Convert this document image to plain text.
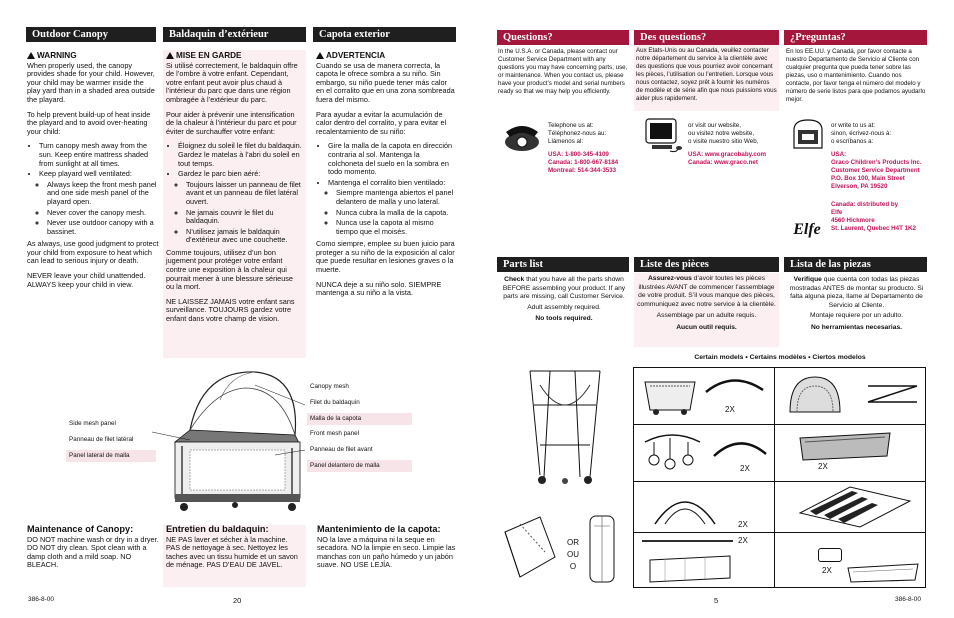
Outdoor Canopy	Baldaquin d’extérieur	Capota exterior
WARNING

When properly used, the canopy provides shade for your child. However, your child may be warmer inside the play yard than in a shaded area outside the playard.

To help prevent build-up of heat inside the playard and to avoid over-heating your child:

• Turn canopy mesh away from the sun. Keep entire mattress shaded from sunlight at all times.
• Keep playard well ventilated:
◦ Always keep the front mesh panel and one side mesh panel of the playard open.
◦ Never cover the canopy mesh.
◦ Never use outdoor canopy with a bassinet.

As always, use good judgment to protect your child from exposure to heat which can lead to serious injury or death.

NEVER leave your child unattended. ALWAYS keep your child in view.

MISE EN GARDE

Si utilisé correctement, le baldaquin offre de l’ombre à votre enfant. Cependant, votre enfant peut avoir plus chaud à l’intérieur du parc que dans une région ombragée à l’extérieur du parc.

Pour aider à prévenir une intensification de la chaleur à l’intérieur du parc et pour éviter de surchauffer votre enfant:

• Éloignez du soleil le filet du baldaquin. Gardez le matelas à l’abri du soleil en tout temps.
• Gardez le parc bien aéré:
◦ Toujours laisser un panneau de filet avant et un panneau de filet latéral ouvert.
◦ Ne jamais couvrir le filet du baldaquin.
◦ N’utilisez jamais le baldaquin d’extérieur avec une couchette.

Comme toujours, utilisez d’un bon jugement pour protéger votre enfant contre une exposition à la chaleur qui pourrait mener à une blessure sérieuse ou la mort.

NE LAISSEZ JAMAIS votre enfant sans surveillance. TOUJOURS gardez votre enfant dans votre champ de vision.

ADVERTENCIA

Cuando se usa de manera correcta, la capota le ofrece sombra a su niño. Sin embargo, su niño puede tener más calor en el corralito que en una zona sombreada fuera del mismo.

Para ayudar a evitar la acumulación de calor dentro del corralito, y para evitar el recalentamiento de su niño:

• Gire la malla de la capota en dirección contraria al sol. Mantenga la colchoneta del suelo en la sombra en todo momento.
• Mantenga el corralito bien ventilado:
◦ Siempre mantenga abiertos el panel delantero de malla y uno lateral.
◦ Nunca cubra la malla de la capota.
◦ Nunca use la capota al mismo tiempo que el moisés.

Como siempre, emplee su buen juicio para proteger a su niño de la exposición al calor que puede resultar en lesiones graves o la muerte.

NUNCA deje a su niño solo. SIEMPRE mantenga a su niño a la vista.

Canopy mesh
Filet du baldaquin
Malla de la capota
Front mesh panel
Panneau de filet avant
Panel delantero de malla
Side mesh panel
Panneau de filet latéral
Panel lateral de malla
Maintenance of Canopy:
DO NOT machine wash or dry in a dryer. DO NOT dry clean. Spot clean with a damp cloth and a mild soap. NO BLEACH.
Entretien du baldaquin:
NE PAS laver et sécher à la machine. PAS de nettoyage à sec. Nettoyez les taches avec un tissu humide et un savon de ménage. PAS D’EAU DE JAVEL.
Mantenimiento de la capota:
NO la lave a máquina ni la seque en secadora. NO la limpie en seco. Limpie las manchas con un paño húmedo y un jabón suave. NO USE LEJÍA.
386-8-00	20
Questions?	Des questions?	¿Preguntas?
In the U.S.A. or Canada, please contact our Customer Service Department with any questions you may have concerning parts, use, or maintenance. When you contact us, please have your product’s model and serial numbers ready so that we may help you efficiently.
Aux Etats-Unis ou au Canada, veuillez contacter notre département du service à la clientèle avec des questions que vous pourriez avoir concernant les pièces, l’utilisation ou l’entretien. Lorsque vous nous contactez, soyez prêt à fournir les numéros de modèle et de série afin que nous puissions vous aider plus rapidement.
En los EE.UU. y Canadá, por favor contacte a nuestro Departamento de Servicio al Cliente con cualquier pregunta que pueda tener sobre las piezas, uso o mantenimiento. Cuando nos contacte, por favor tenga el número del modelo y número de serie listos para que podamos ayudarlo mejor.
Telephone us at:
Téléphonez-nous au:
Llámenos al:
USA: 1-800-345-4109
Canada: 1-800-667-8184
Montreal: 514-344-3533
or visit our website,
ou visitez notre website,
o visite nuestro sitio Web,
USA: www.gracobaby.com
Canada: www.graco.net
or write to us at:
sinon, écrivez-nous à:
o escríbanos a:
USA:
Graco Children’s Products Inc.
Customer Service Department
P.O. Box 100, Main Street
Elverson, PA 19520
Canada: distributed by
Elfe
4560 Hickmore
St. Laurent, Quebec H4T 1K2
Elfe
Parts list	Liste des pièces	Lista de las piezas
Check that you have all the parts shown BEFORE assembling your product. If any parts are missing, call Customer Service.
Adult assembly required.
No tools required.
Assurez-vous d’avoir toutes les pièces illustrées AVANT de commencer l’assemblage de votre produit. S’il vous manque des pièces, communiquez avec notre service à la clientèle.
Assemblage par un adulte requis.
Aucun outil requis.
Verifique que cuenta con todas las piezas mostradas ANTES de montar su producto. Si falta alguna pieza, llame al Departamento de Servicio al Cliente.
Montaje requiere por un adulto.
No herramientas necesarias.
Certain models • Certains modèles • Ciertos modelos
OR OU O
2X
2X
2X
2X
2X
2X
5	386-8-00
